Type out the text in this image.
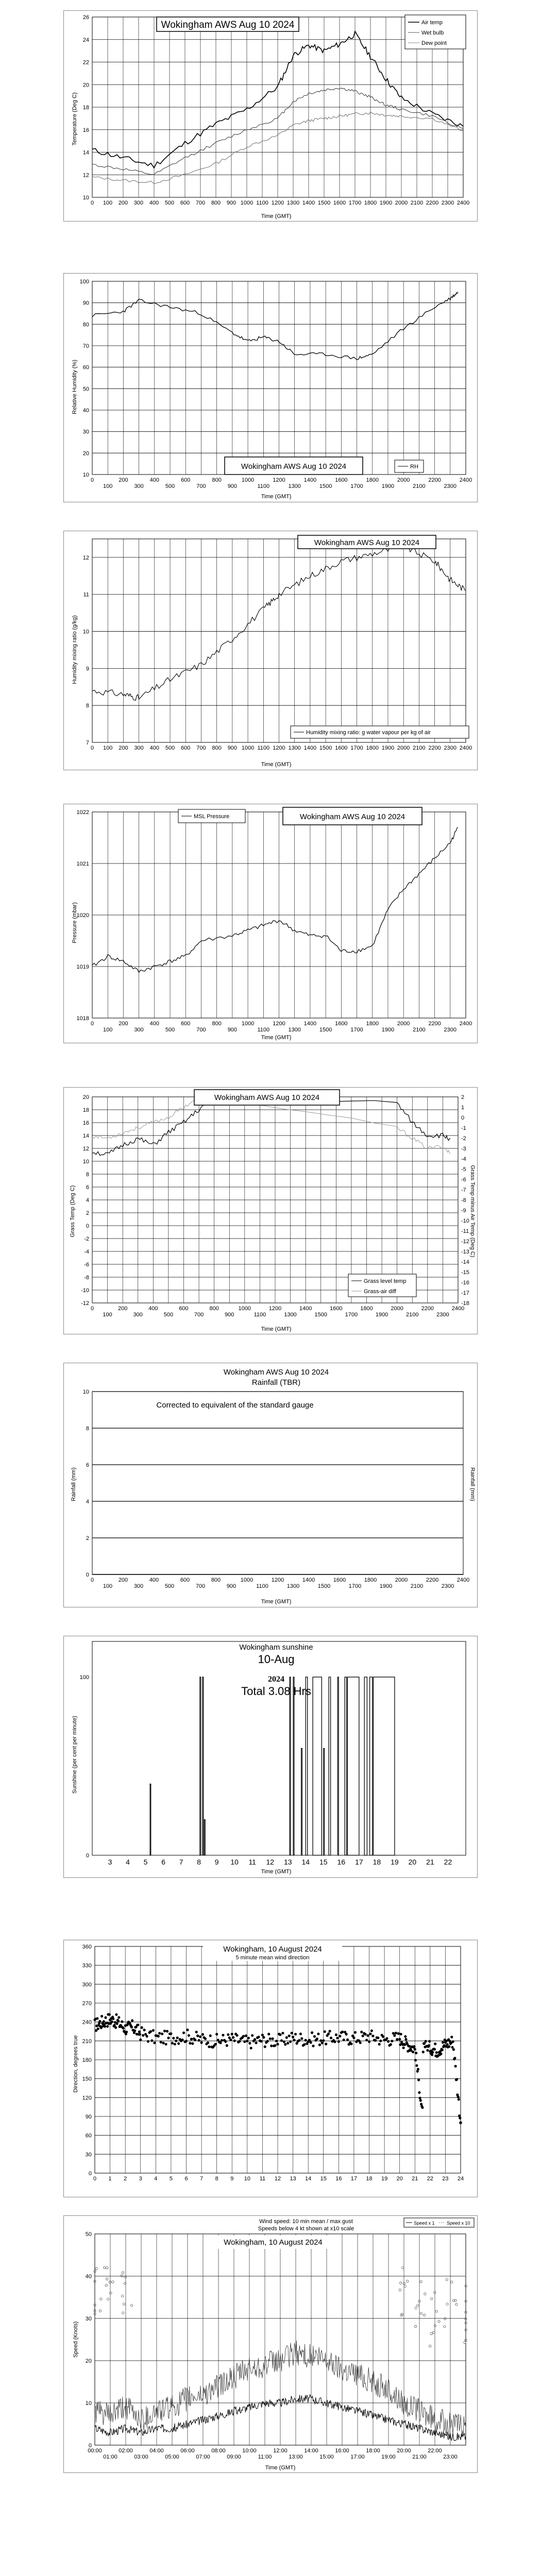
10
12
14
16
18
20
22
24
26
0 100 200 300 400 500 600 700 800 900 1000 1100 1200 1300 1400 1500 1600 1700 1800 1900 2000 2100 2200 2300 2400
Wokingham AWS Aug 10 2024	Air temp
Wet bulb
Dew point
Time (GMT)
Temperature (Deg C)
10
20
30
40
50
60
70
80
90
100
0
100
200
300
400
500
600
700
800
900
1000
1100
1200
1300
1400
1500
1600
1700
1800
1900
2000
2100
2200
2300
2400
Wokingham AWS Aug 10 2024	RH
Time (GMT)
Relative Humidity (%)
7
8
9
10
11
12
0 100 200 300 400 500 600 700 800 900 1000 1100 1200 1300 1400 1500 1600 1700 1800 1900 2000 2100 2200 2300 2400
Wokingham AWS Aug 10 2024
Humidity mixing ratio: g water vapour per kg of air
Time (GMT)
Humidity mixing ratio (g/kg)
1018
1019
1020
1021
1022
0
100
200
300
400
500
600
700
800
900
1000
1100
1200
1300
1400
1500
1600
1700
1800
1900
2000
2100
2200
2300
2400
MSL Pressure	Wokingham AWS Aug 10 2024
Time (GMT)
Pressure (mbar)
-12
-10
-8
-6
-4
-2
0
2
4
6
8
10
12
14
16
18
20
0
100
200
300
400
500
600
700
800
900
1000
1100
1200
1300
1400
1500
1600
1700
1800
1900
2000
2100
2200
2300
2400
-18
-17
-16
-15
-14
-13
-12
-11
-10
-9
-8
-7
-6
-5
-4
-3
-2
-1
0
1
2
Wokingham AWS Aug 10 2024
Grass level temp
Grass-air diff
Time (GMT)
Grass Temp (Deg C)	Grass Temp minus Air Temp (Deg C)
0
2
4
6
8
10
0
100
200
300
400
500
600
700
800
900
1000
1100
1200
1300
1400
1500
1600
1700
1800
1900
2000
2100
2200
2300
2400
Wokingham AWS Aug 10 2024
Rainfall (TBR)
Corrected to equivalent of the standard gauge
Time (GMT)
Rainfall (mm)	Rainfall (mm)
0
100
3 4 5 6 7 8 9 10 11 12 13 14 15 16 17 18 19 20 21 22
Wokingham sunshine
10-Aug
2024
Total 3.08 Hrs
Time (GMT)
Sunshine (per cent per minute)
0
30
60
90
120
150
180
210
240
270
300
330
360
0 1 2 3 4 5 6 7 8 9 10 11 12 13 14 15 16 17 18 19 20 21 22 23 24
Wokingham, 10 August 2024
5 minute mean wind direction
Direction, degrees true
0
10
20
30
40
50
00:00
01:00
02:00
03:00
04:00
05:00
06:00
07:00
08:00
09:00
10:00
11:00
12:00
13:00
14:00
15:00
16:00
17:00
18:00
19:00
20:00
21:00
22:00
23:00
Wind speed: 10 min mean / max gust
Speeds below 4 kt shown at x10 scale
Speed x 1	Speed x 10
Wokingham, 10 August 2024
Time (GMT)
Speed (Knots)
